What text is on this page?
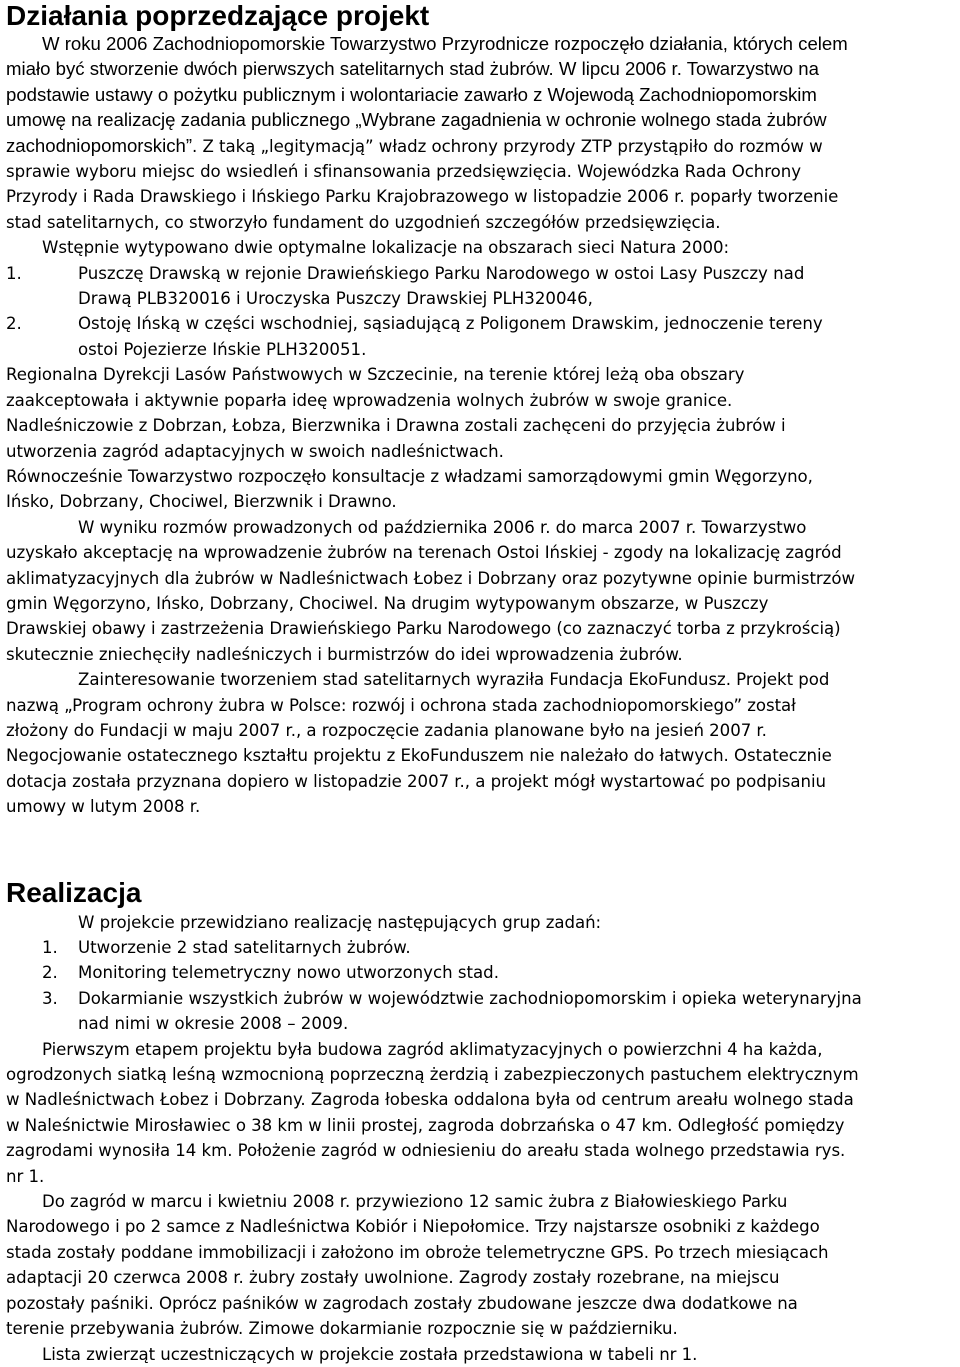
Działania poprzedzające projekt
W roku 2006 Zachodniopomorskie Towarzystwo Przyrodnicze rozpoczęło działania, których celem
miało być stworzenie dwóch pierwszych satelitarnych stad żubrów. W lipcu 2006 r. Towarzystwo na
podstawie ustawy o pożytku publicznym i wolontariacie zawarło z Wojewodą Zachodniopomorskim
umowę na realizację zadania publicznego „Wybrane zagadnienia w ochronie wolnego stada żubrów
zachodniopomorskich”. Z taką „legitymacją” władz ochrony przyrody ZTP przystąpiło do rozmów w
sprawie wyboru miejsc do wsiedleń i sfinansowania przedsięwzięcia. Wojewódzka Rada Ochrony
Przyrody i Rada Drawskiego i Ińskiego Parku Krajobrazowego w listopadzie 2006 r. poparły tworzenie
stad satelitarnych, co stworzyło fundament do uzgodnień szczegółów przedsięwzięcia.
Wstępnie wytypowano dwie optymalne lokalizacje na obszarach sieci Natura 2000:
1.	Puszczę Drawską w rejonie Drawieńskiego Parku Narodowego w ostoi Lasy Puszczy nad
Drawą PLB320016 i Uroczyska Puszczy Drawskiej PLH320046,
2.	Ostoję Ińską w części wschodniej, sąsiadującą z Poligonem Drawskim, jednoczenie tereny
ostoi Pojezierze Ińskie PLH320051.
Regionalna Dyrekcji Lasów Państwowych w Szczecinie, na terenie której leżą oba obszary
zaakceptowała i aktywnie poparła ideę wprowadzenia wolnych żubrów w swoje granice.
Nadleśniczowie z Dobrzan, Łobza, Bierzwnika i Drawna zostali zachęceni do przyjęcia żubrów i
utworzenia zagród adaptacyjnych w swoich nadleśnictwach.
Równocześnie Towarzystwo rozpoczęło konsultacje z władzami samorządowymi gmin Węgorzyno,
Ińsko, Dobrzany, Chociwel, Bierzwnik i Drawno.
W wyniku rozmów prowadzonych od października 2006 r. do marca 2007 r. Towarzystwo
uzyskało akceptację na wprowadzenie żubrów na terenach Ostoi Ińskiej - zgody na lokalizację zagród
aklimatyzacyjnych dla żubrów w Nadleśnictwach Łobez i Dobrzany oraz pozytywne opinie burmistrzów
gmin Węgorzyno, Ińsko, Dobrzany, Chociwel. Na drugim wytypowanym obszarze, w Puszczy
Drawskiej obawy i zastrzeżenia Drawieńskiego Parku Narodowego (co zaznaczyć torba z przykrością)
skutecznie zniechęciły nadleśniczych i burmistrzów do idei wprowadzenia żubrów.
Zainteresowanie tworzeniem stad satelitarnych wyraziła Fundacja EkoFundusz. Projekt pod
nazwą „Program ochrony żubra w Polsce: rozwój i ochrona stada zachodniopomorskiego” został
złożony do Fundacji w maju 2007 r., a rozpoczęcie zadania planowane było na jesień 2007 r.
Negocjowanie ostatecznego kształtu projektu z EkoFunduszem nie należało do łatwych. Ostatecznie
dotacja została przyznana dopiero w listopadzie 2007 r., a projekt mógł wystartować po podpisaniu
umowy w lutym 2008 r.
Realizacja
W projekcie przewidziano realizację następujących grup zadań:
1.	Utworzenie 2 stad satelitarnych żubrów.
2.	Monitoring telemetryczny nowo utworzonych stad.
3.	Dokarmianie wszystkich żubrów w województwie zachodniopomorskim i opieka weterynaryjna
nad nimi w okresie 2008 – 2009.
Pierwszym etapem projektu była budowa zagród aklimatyzacyjnych o powierzchni 4 ha każda,
ogrodzonych siatką leśną wzmocnioną poprzeczną żerdzią i zabezpieczonych pastuchem elektrycznym
w Nadleśnictwach Łobez i Dobrzany. Zagroda łobeska oddalona była od centrum areału wolnego stada
w Naleśnictwie Mirosławiec o 38 km w linii prostej, zagroda dobrzańska o 47 km. Odległość pomiędzy
zagrodami wynosiła 14 km. Położenie zagród w odniesieniu do areału stada wolnego przedstawia rys.
nr 1.
Do zagród w marcu i kwietniu 2008 r. przywieziono 12 samic żubra z Białowieskiego Parku
Narodowego i po 2 samce z Nadleśnictwa Kobiór i Niepołomice. Trzy najstarsze osobniki z każdego
stada zostały poddane immobilizacji i założono im obroże telemetryczne GPS. Po trzech miesiącach
adaptacji 20 czerwca 2008 r. żubry zostały uwolnione. Zagrody zostały rozebrane, na miejscu
pozostały paśniki. Oprócz paśników w zagrodach zostały zbudowane jeszcze dwa dodatkowe na
terenie przebywania żubrów. Zimowe dokarmianie rozpocznie się w październiku.
Lista zwierząt uczestniczących w projekcie została przedstawiona w tabeli nr 1.
